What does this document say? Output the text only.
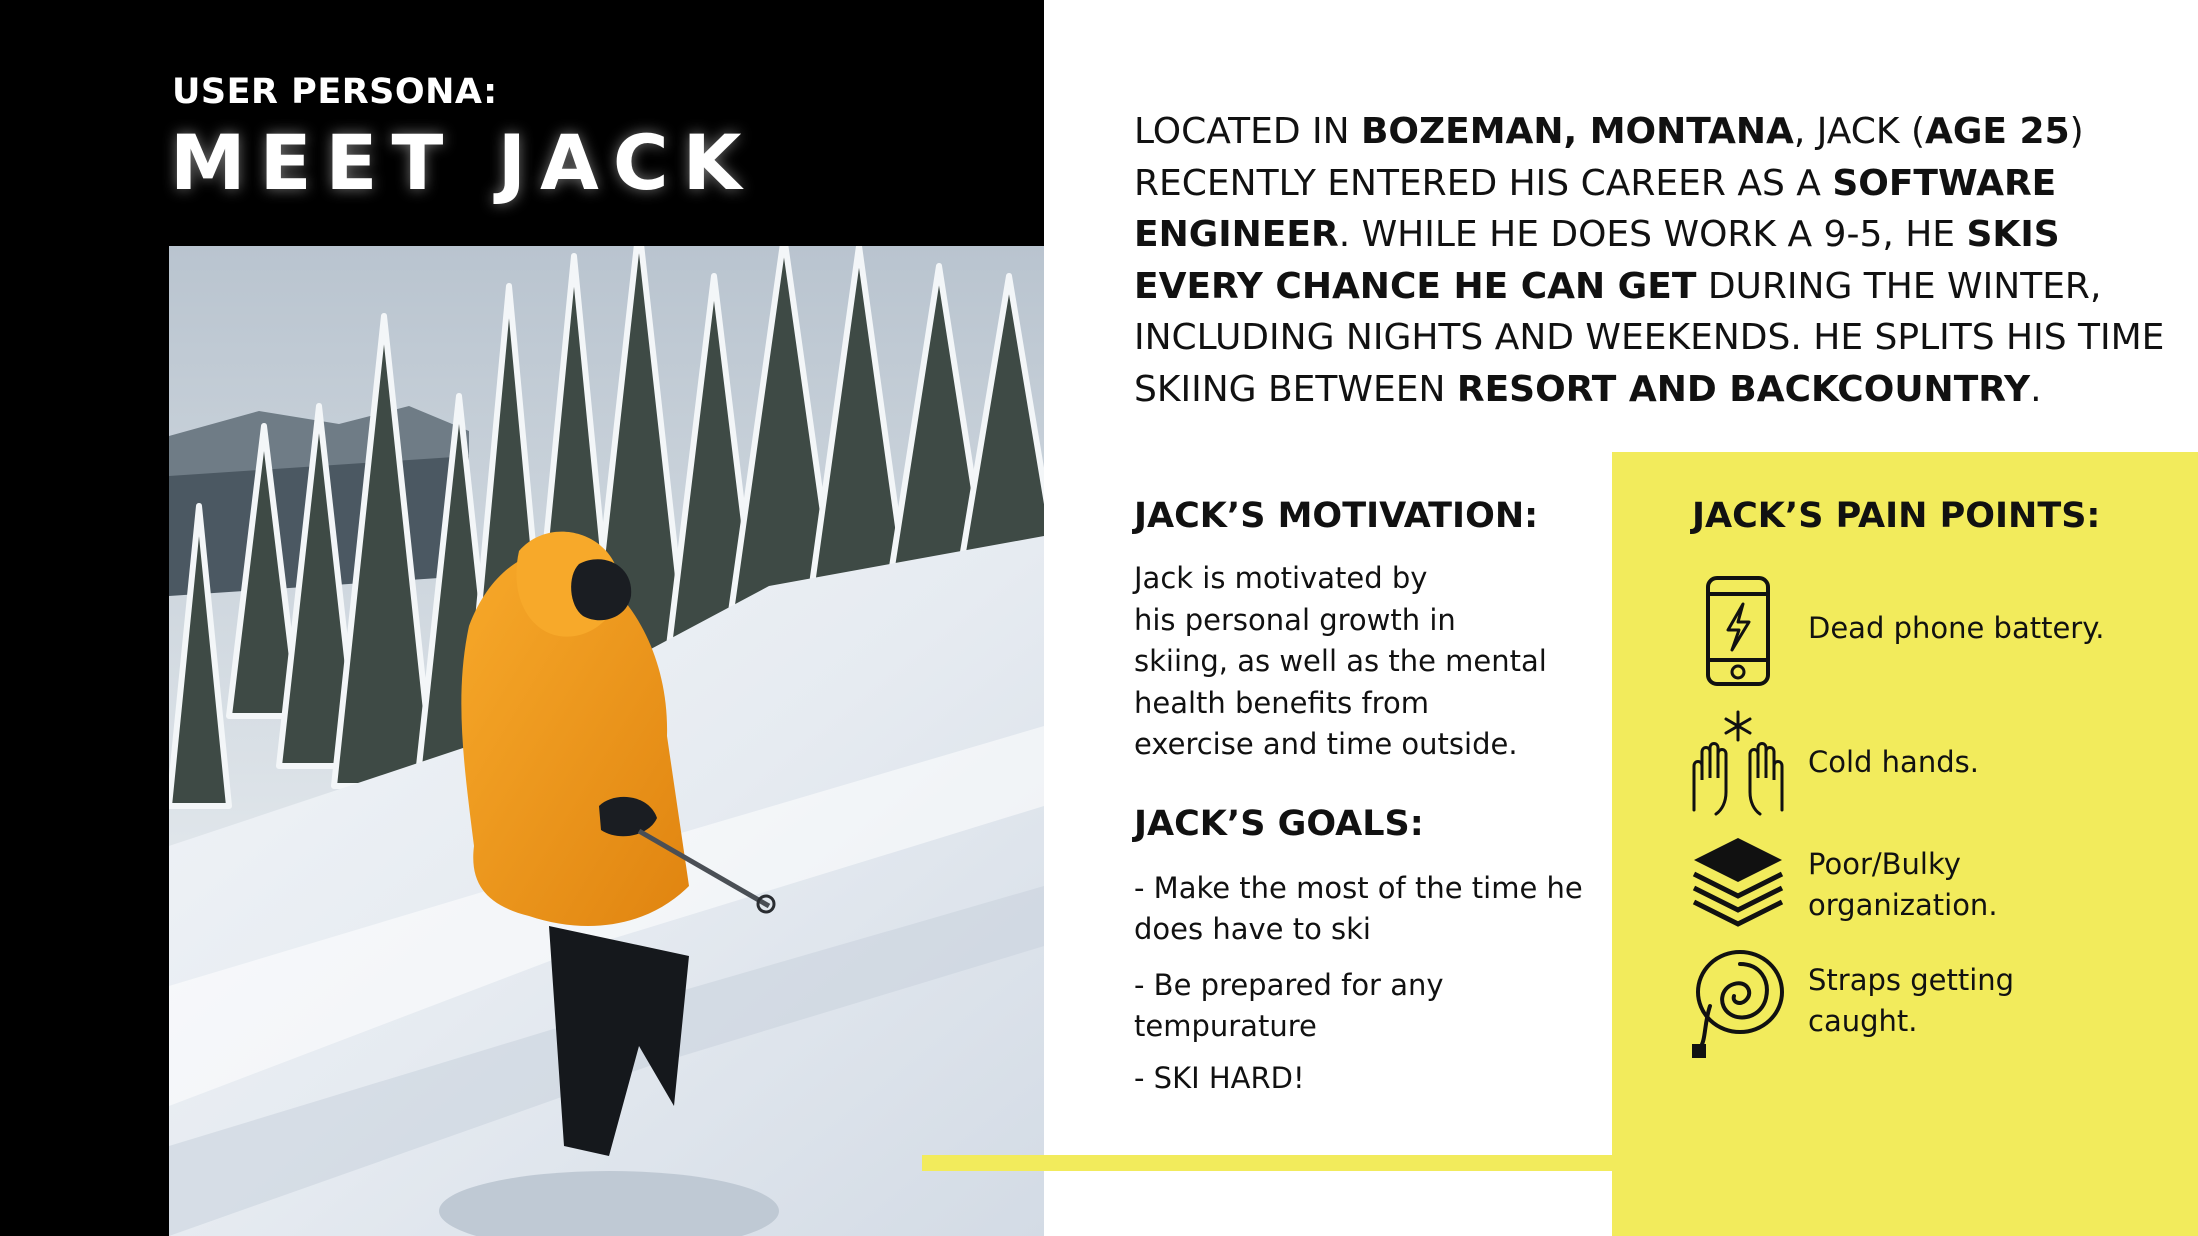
USER PERSONA:
MEET JACK	LOCATED IN BOZEMAN, MONTANA, JACK (AGE 25) RECENTLY ENTERED HIS CAREER AS A SOFTWARE ENGINEER. WHILE HE DOES WORK A 9-5, HE SKIS EVERY CHANCE HE CAN GET DURING THE WINTER, INCLUDING NIGHTS AND WEEKENDS. HE SPLITS HIS TIME SKIING BETWEEN RESORT AND BACKCOUNTRY.
JACK’S MOTIVATION:
Jack is motivated by
his personal growth in
skiing, as well as the mental
health benefits from
exercise and time outside.
JACK’S GOALS:
- Make the most of the time he
does have to ski
- Be prepared for any
tempurature
- SKI HARD!
JACK’S PAIN POINTS:
Dead phone battery.
Cold hands.
Poor/Bulky
organization.
Straps getting
caught.
